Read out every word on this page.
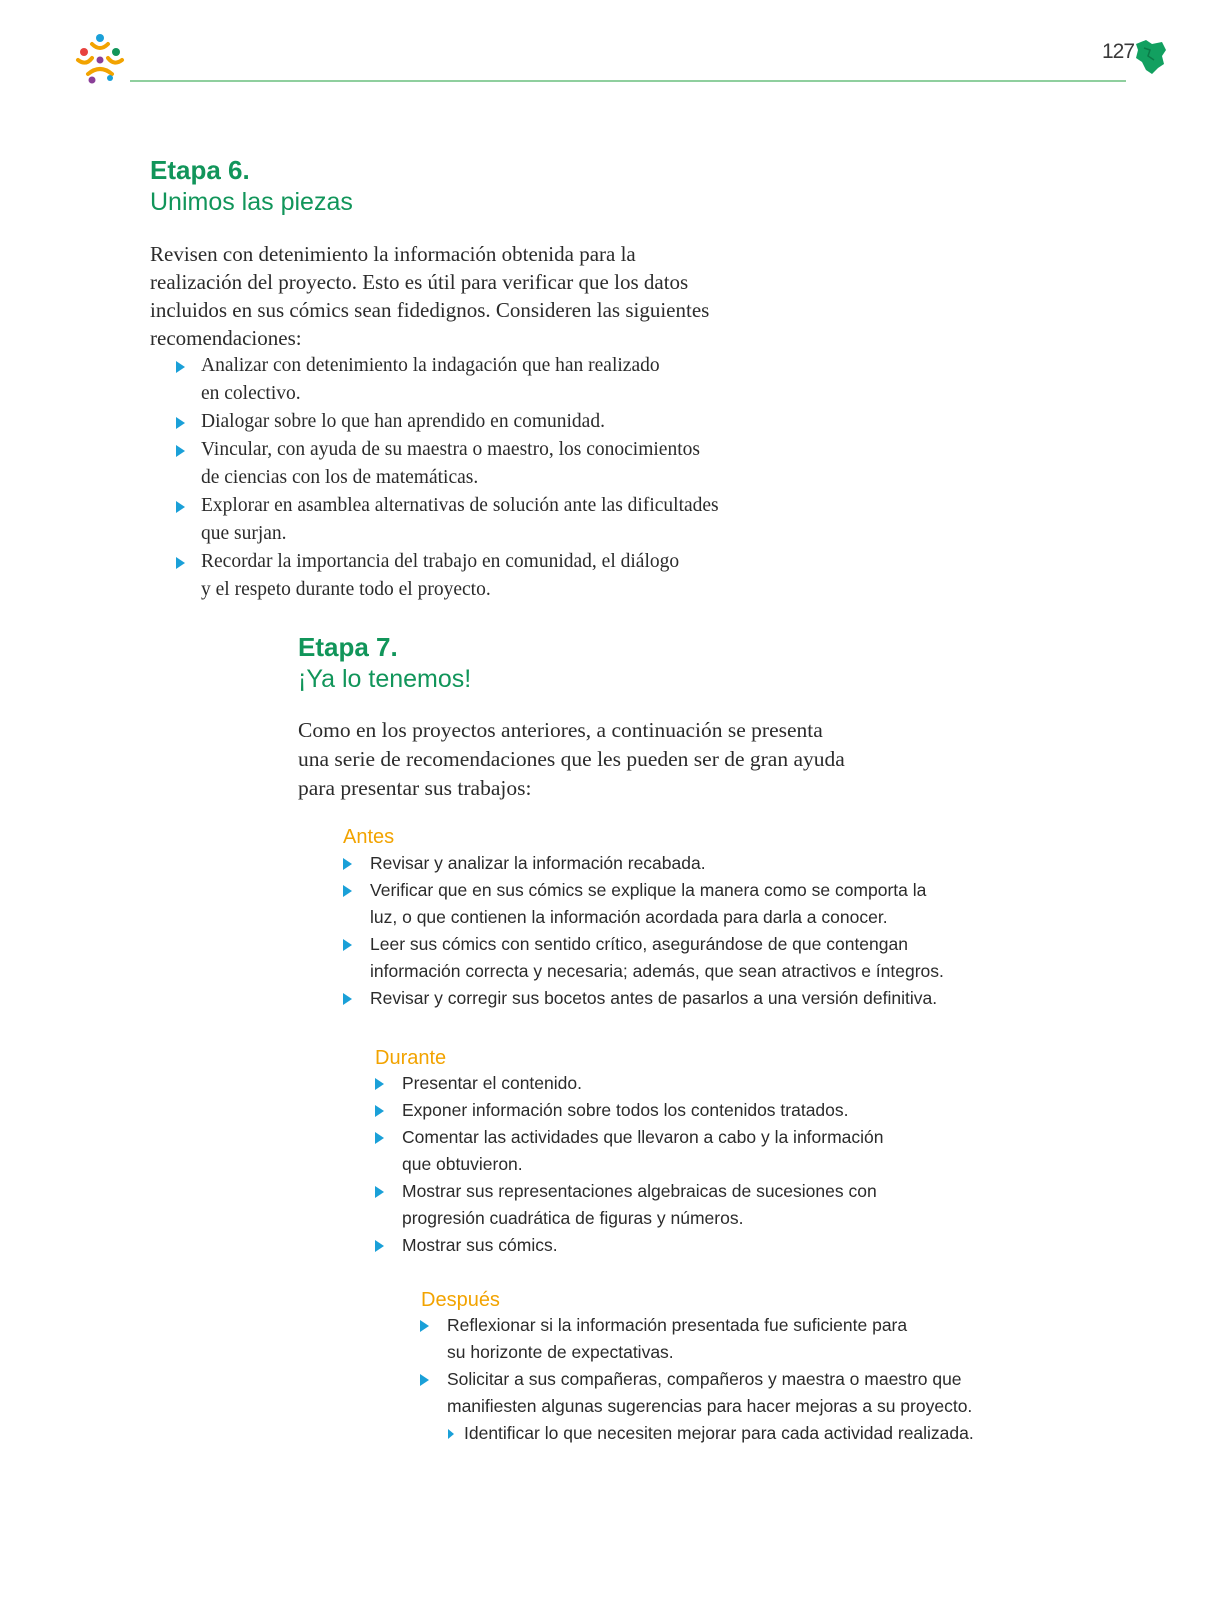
127
Etapa 6.
Unimos las piezas
Revisen con detenimiento la información obtenida para la
realización del proyecto. Esto es útil para verificar que los datos
incluidos en sus cómics sean fidedignos. Consideren las siguientes
recomendaciones:
Analizar con detenimiento la indagación que han realizado
en colectivo.
Dialogar sobre lo que han aprendido en comunidad.
Vincular, con ayuda de su maestra o maestro, los conocimientos
de ciencias con los de matemáticas.
Explorar en asamblea alternativas de solución ante las dificultades
que surjan.
Recordar la importancia del trabajo en comunidad, el diálogo
y el respeto durante todo el proyecto.
Etapa 7.
¡Ya lo tenemos!
Como en los proyectos anteriores, a continuación se presenta
una serie de recomendaciones que les pueden ser de gran ayuda
para presentar sus trabajos:
Antes
Revisar y analizar la información recabada.
Verificar que en sus cómics se explique la manera como se comporta la
luz, o que contienen la información acordada para darla a conocer.
Leer sus cómics con sentido crítico, asegurándose de que contengan
información correcta y necesaria; además, que sean atractivos e íntegros.
Revisar y corregir sus bocetos antes de pasarlos a una versión definitiva.
Durante
Presentar el contenido.
Exponer información sobre todos los contenidos tratados.
Comentar las actividades que llevaron a cabo y la información
que obtuvieron.
Mostrar sus representaciones algebraicas de sucesiones con
progresión cuadrática de figuras y números.
Mostrar sus cómics.
Después
Reflexionar si la información presentada fue suficiente para
su horizonte de expectativas.
Solicitar a sus compañeras, compañeros y maestra o maestro que
manifiesten algunas sugerencias para hacer mejoras a su proyecto.
Identificar lo que necesiten mejorar para cada actividad realizada.
